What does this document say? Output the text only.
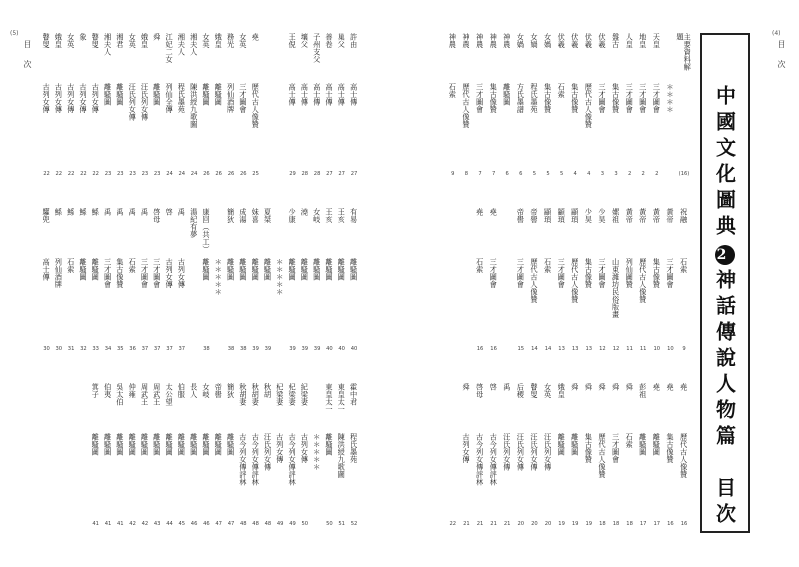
(5)
目　次	許由
高士傳
27
巢父
高士傳
27
善卷
高士傳
27
子州支父
高士傳
28
壤父
高士傳
28
王倪
高士傳
29
堯
歷代古人像贊
25
女英
三才圖會
26
務光
列仙酒牌
26
娥皇
離騷圖
26
女英
離騷圖
26
湘夫人
陳洪綬九歌圖
24
湘夫人
程氏墨苑
24
江妃二女
列仙全傳
24
舜
離騷圖
23
娥皇
汪氏列女傳
23
女英
汪氏列女傳
23
湘君
離騷圖
23
湘夫人
離騷圖
23
瞽叟
古列女傳
22
象
古列女傳
22
女英
古列女傳
22
娥皇
古列女傳
22
瞽叟
古列女傳
22
有易
離騷圖
40
王亥
離騷圖
40
王亥
離騷圖
40
女岐
離騷圖
39
澆
離騷圖
39
少康
離騷圖
39
＊＊＊＊＊
夏桀
離騷圖
39
妹喜
離騷圖
39
成湯
離騷圖
38
簡狄
離騷圖
38
＊＊＊＊＊
康回（共工）
離騷圖
38
湯紀有夢
禹
古列女傳
37
啓
古列女傳
37
啓母
三才圖會
37
禹
三才圖會
37
禹
石索
36
禹
集古像贊
35
禹
三才圖會
34
鯀
離騷圖
33
鯀
離騷圖
32
鯀
石索
31
鯀
列仙酒牌
30
驩兜
高士傳
30
霍中君
程氏墨苑
52
東皇太一
陳洪綬九歌圖
51
東皇太一
離騷圖
50
＊＊＊＊＊
紀梁妻
古列女傳
50
杞梁妻
古今列女傳評林
49
杞梁妻
古列女傳
49
秋胡
汪氏列女傳
48
秋胡妻
古今列女傳評林
48
秋胡妻
古今列女傳評林
48
簡狄
離騷圖
47
帝嚳
離騷圖
47
女岐
離騷圖
46
長人
離騷圖
46
伯服
離騷圖
45
太公望
離騷圖
44
周武王
離騷圖
43
周武王
離騷圖
42
仲雍
離騷圖
42
吳太伯
離騷圖
41
伯夷
離騷圖
41
箕子
離騷圖
41
(4)
目　次
主要資料解題
(16)
＊＊＊＊
天皇
三才圖會
2
地皇
三才圖會
2
人皇
三才圖會
2
盤古
集古像贊
3
伏羲
三才圖會
3
伏羲
歷代古人像贊
4
伏羲
集古像贊
4
伏羲
石索
5
女媧
集古像贊
5
女媧
程氏墨苑
5
女媧
方氏墨譜
6
神農
離騷圖
6
神農
集古像贊
7
神農
三才圖會
7
神農
歷代古人像贊
8
神農
石索
9
祝融
石索
9
黃帝
三才圖會
10
黃帝
集古像贊
10
黃帝
歷代古人像贊
11
黃帝
列仙圖贊
11
嫘祖
山東濰坊民俗版畫
12
少昊
三才圖會
12
少昊
集古像贊
13
顓頊
歷代古人像贊
13
顓頊
三才圖會
13
顓頊
石索
14
帝嚳
歷代古人像贊
14
帝嚳
三才圖會
15
堯
三才圖會
16
堯
石索
16
堯
歷代古人像贊
16
堯
集古像贊
16
堯
離騷圖
17
彭祖
離騷圖
17
舜
石索
18
舜
三才圖會
18
舜
歷代古人像贊
18
舜
集古像贊
19
舜
離騷圖
19
娥皇
離騷圖
19
女英
汪氏列女傳
20
瞽叟
汪氏列女傳
20
后稷
汪氏列女傳
20
禹
汪氏列女傳
21
啓
古今列女傳評林
21
啓母
古今列女傳評林
21
舜
古列女傳
21
22
中國文化圖典2神話傳說人物篇　目次
